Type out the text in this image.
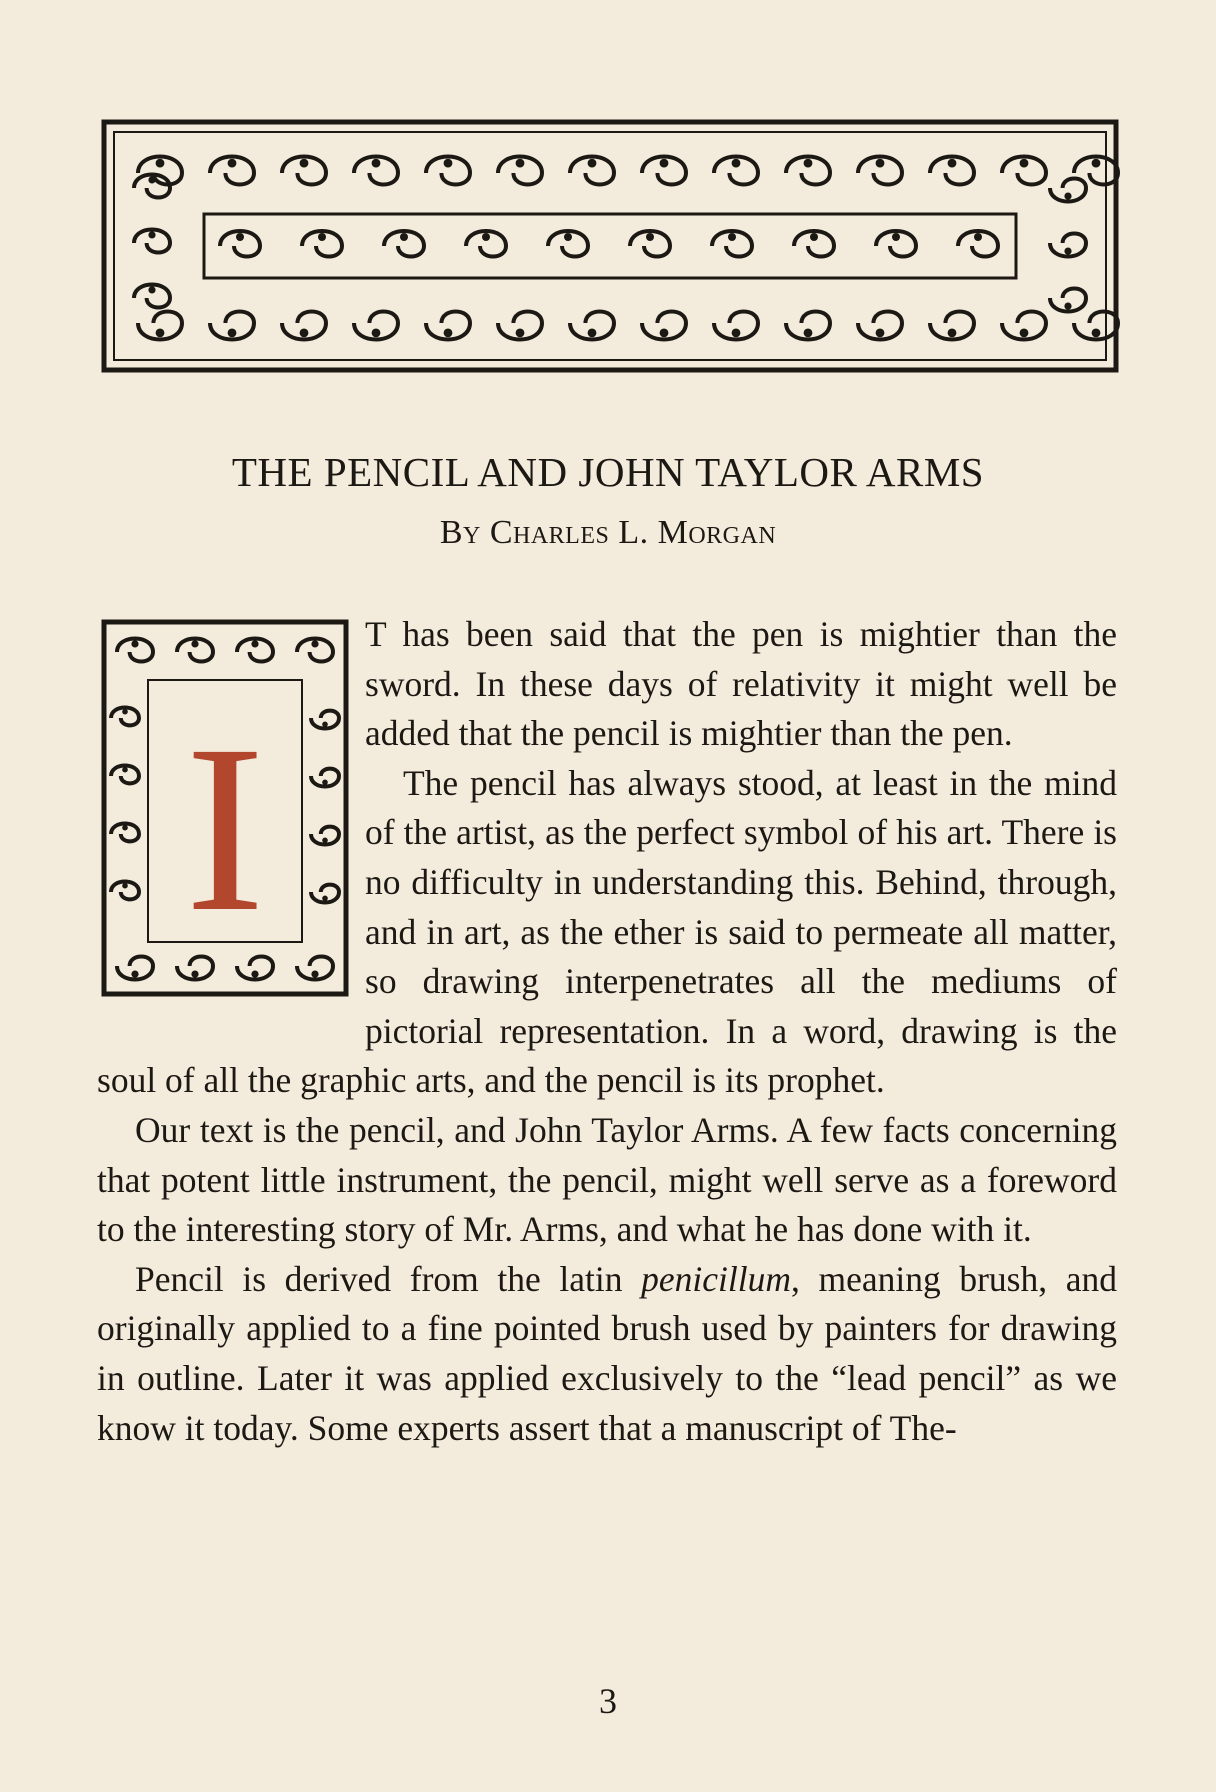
THE PENCIL AND JOHN TAYLOR ARMS
By Charles L. Morgan
I

T has been said that the pen is mightier than the sword. In these days of relativity it might well be added that the pencil is mightier than the pen.

The pencil has always stood, at least in the mind of the artist, as the perfect symbol of his art. There is no difficulty in understanding this. Behind, through, and in art, as the ether is said to permeate all matter, so drawing interpenetrates all the mediums of pictorial representation. In a word, drawing is the soul of all the graphic arts, and the pencil is its prophet.

Our text is the pencil, and John Taylor Arms. A few facts concerning that potent little instrument, the pencil, might well serve as a foreword to the interesting story of Mr. Arms, and what he has done with it.

Pencil is derived from the latin penicillum, meaning brush, and originally applied to a fine pointed brush used by painters for drawing in outline. Later it was applied exclusively to the “lead pencil” as we know it today. Some experts assert that a manuscript of The-

3
